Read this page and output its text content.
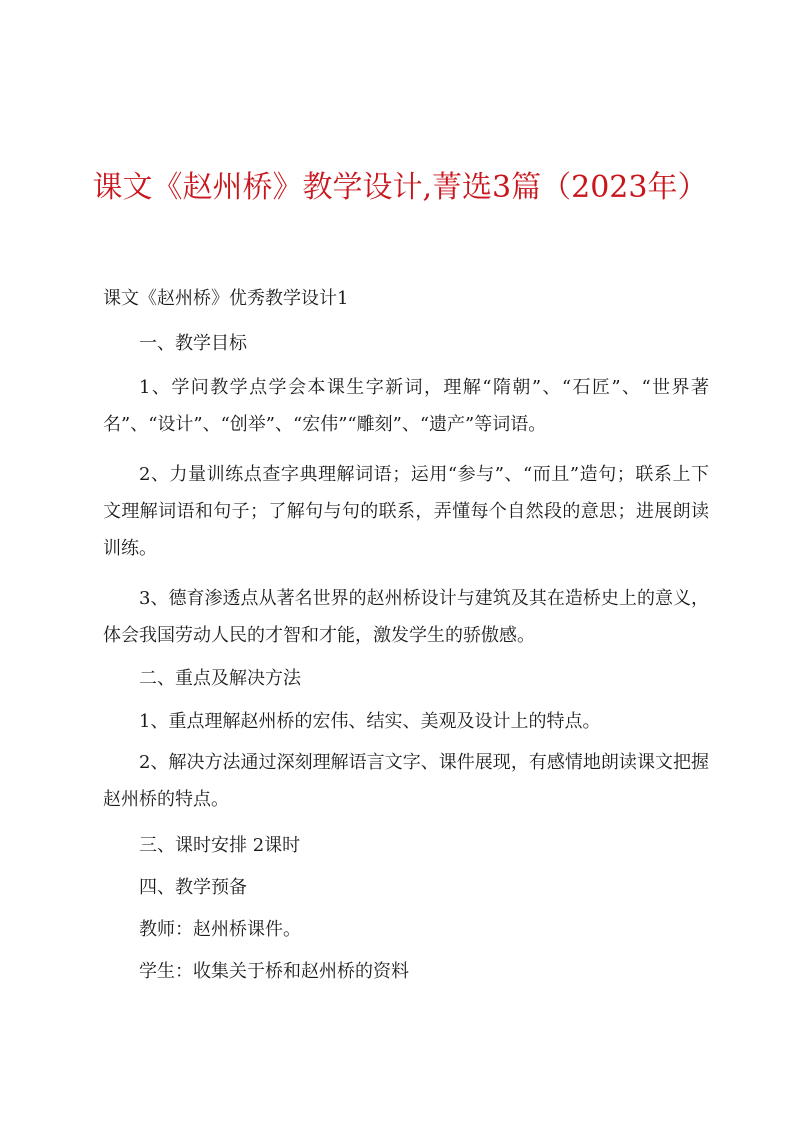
课文《赵州桥》教学设计,菁选3篇（2023年）
课文《赵州桥》优秀教学设计1
一、教学目标
1、学问教学点学会本课生字新词，理解“隋朝”、“石匠”、“世界著名”、“设计”、“创举”、“宏伟”“雕刻”、“遗产”等词语。
2、力量训练点查字典理解词语；运用“参与”、“而且”造句；联系上下文理解词语和句子；了解句与句的联系，弄懂每个自然段的意思；进展朗读训练。
3、德育渗透点从著名世界的赵州桥设计与建筑及其在造桥史上的意义，体会我国劳动人民的才智和才能，激发学生的骄傲感。
二、重点及解决方法
1、重点理解赵州桥的宏伟、结实、美观及设计上的特点。
2、解决方法通过深刻理解语言文字、课件展现，有感情地朗读课文把握赵州桥的特点。
三、课时安排 2课时
四、教学预备
教师：赵州桥课件。
学生：收集关于桥和赵州桥的资料
